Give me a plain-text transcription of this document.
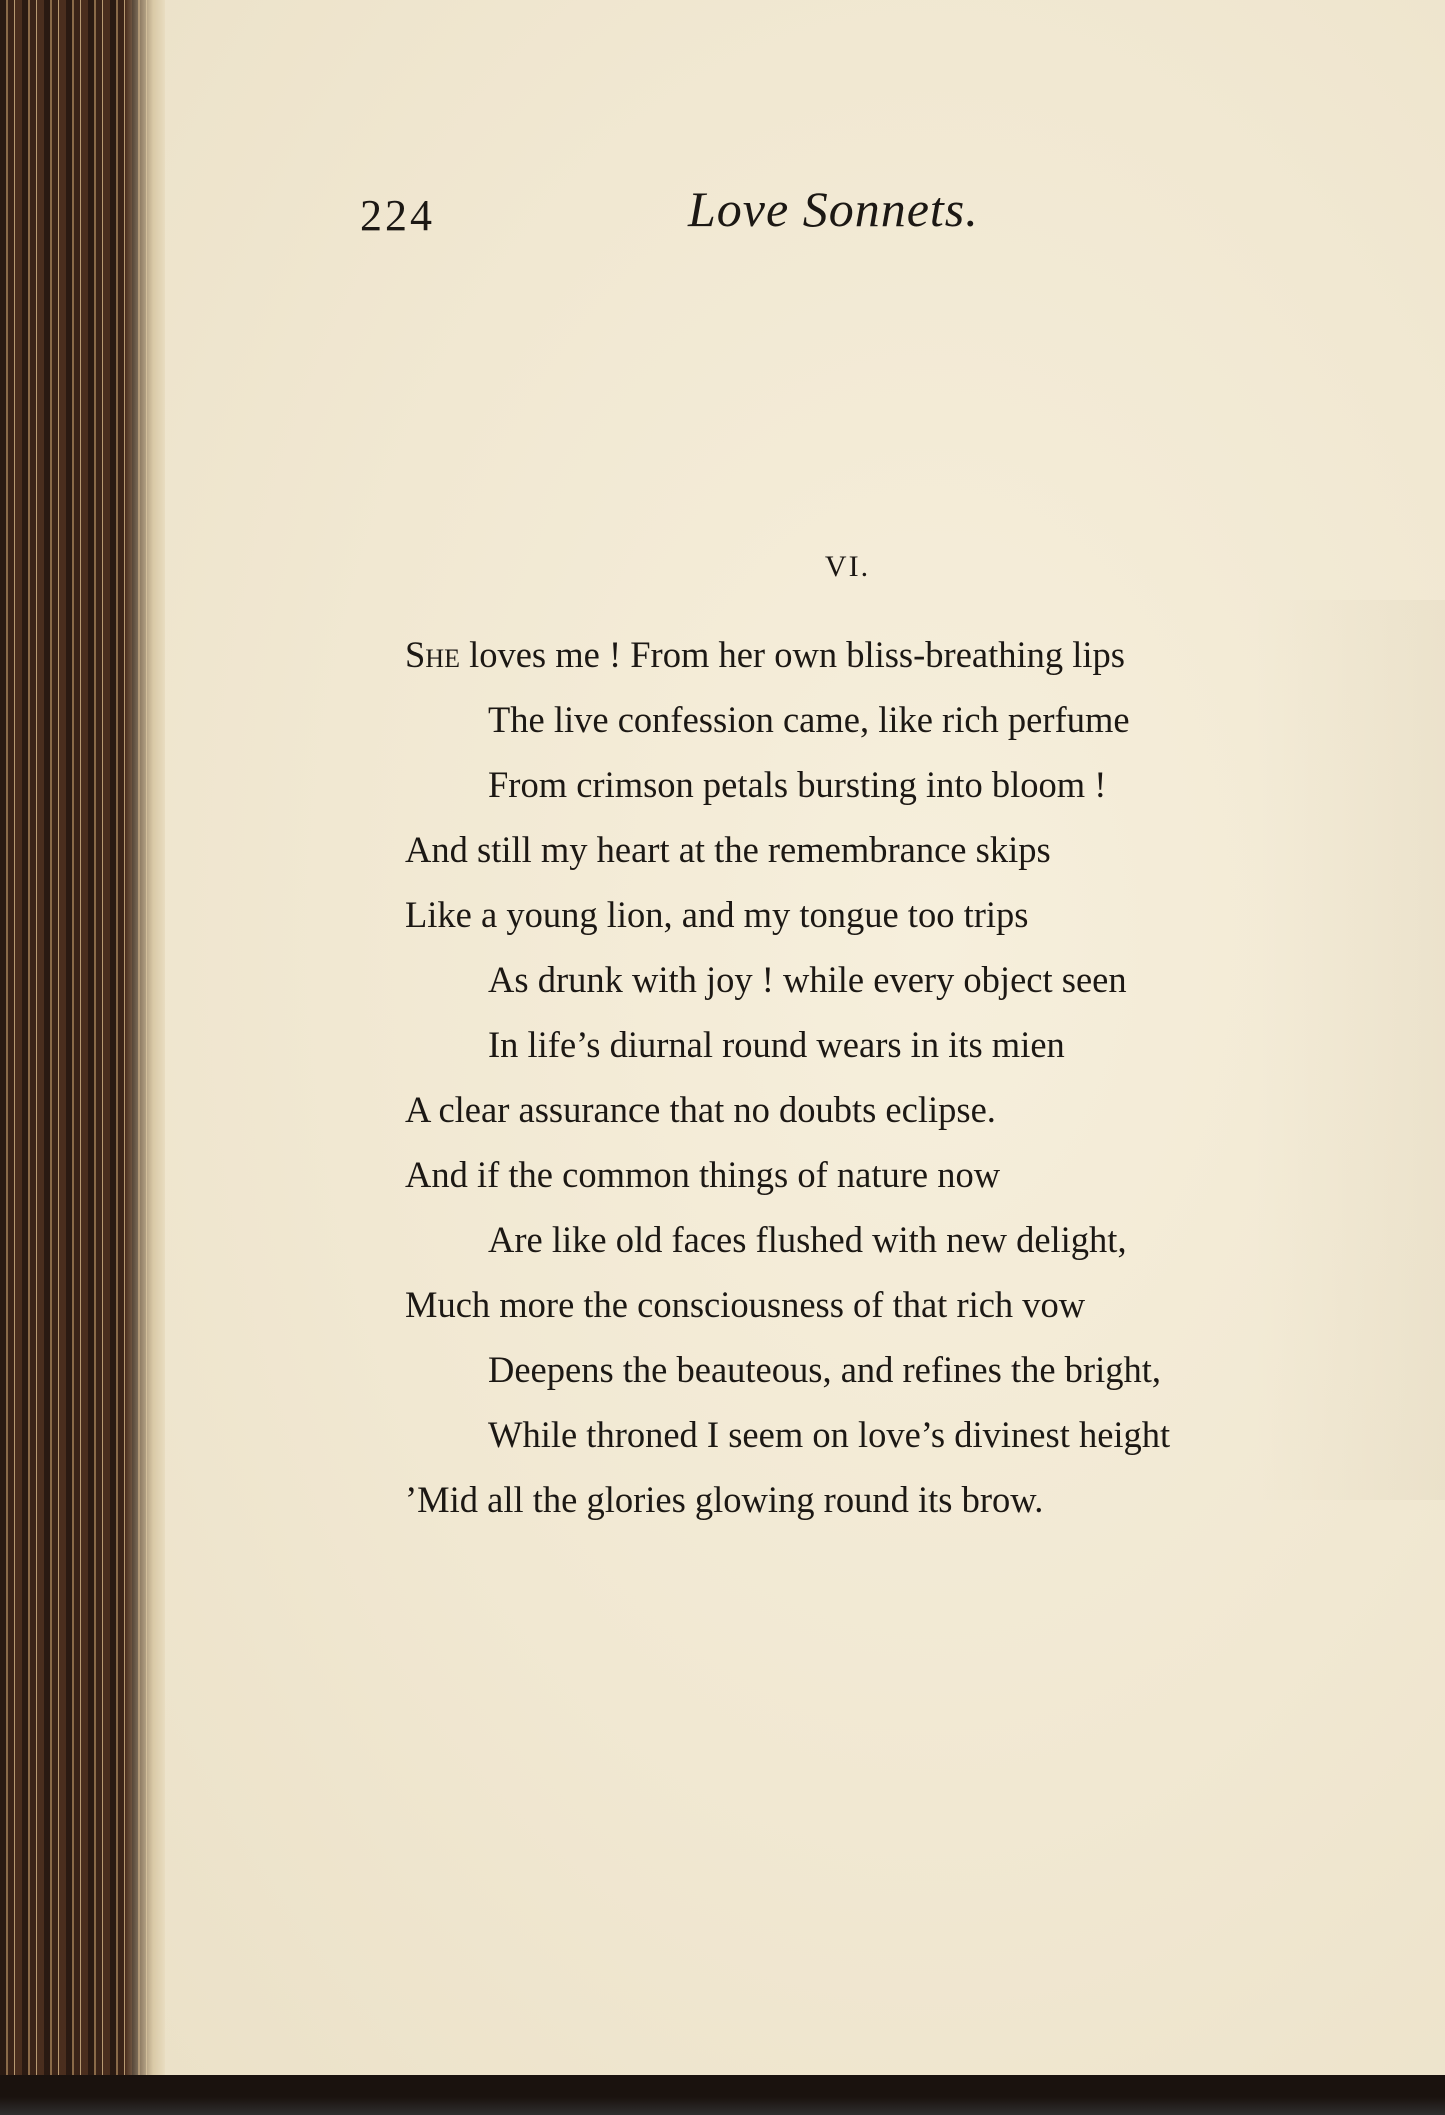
224	Love Sonnets.
VI.
She loves me ! From her own bliss-breathing lips
The live confession came, like rich perfume
From crimson petals bursting into bloom !
And still my heart at the remembrance skips
Like a young lion, and my tongue too trips
As drunk with joy ! while every object seen
In life’s diurnal round wears in its mien
A clear assurance that no doubts eclipse.
And if the common things of nature now
Are like old faces flushed with new delight,
Much more the consciousness of that rich vow
Deepens the beauteous, and refines the bright,
While throned I seem on love’s divinest height
’Mid all the glories glowing round its brow.
